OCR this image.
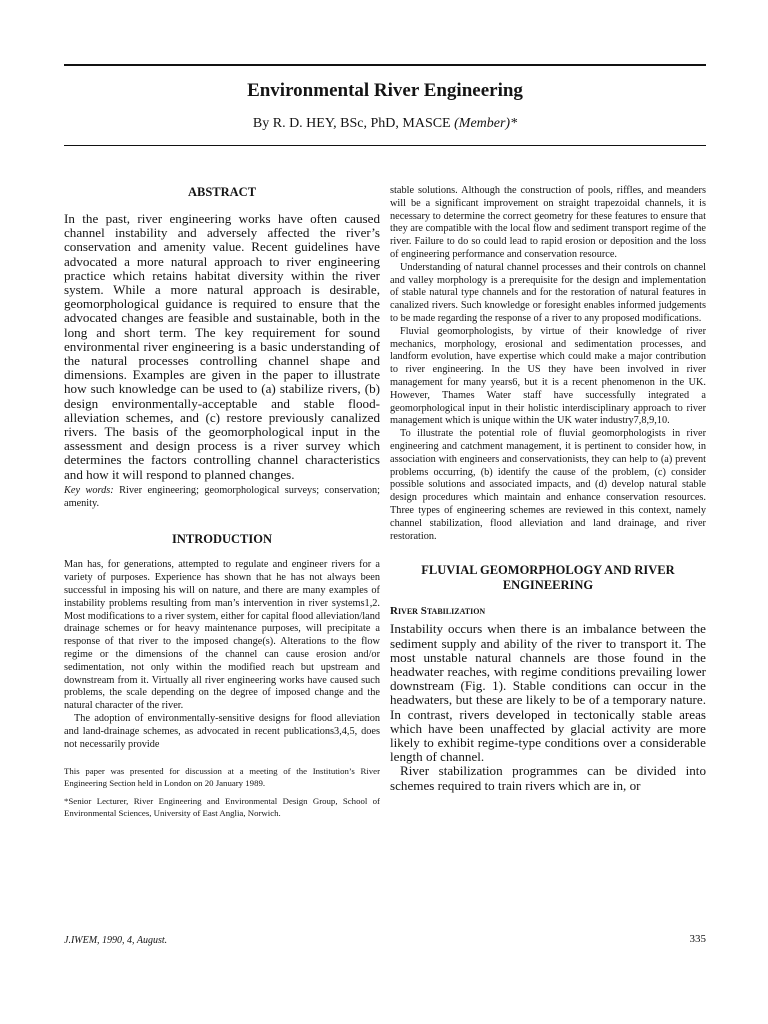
Environmental River Engineering
By R. D. HEY, BSc, PhD, MASCE (Member)*

ABSTRACT

In the past, river engineering works have often caused channel instability and adversely affected the river’s conservation and amenity value. Recent guidelines have advocated a more natural approach to river engineering practice which retains habitat diversity within the river system. While a more natural approach is desirable, geomorphological guidance is required to ensure that the advocated changes are feasible and sustainable, both in the long and short term. The key requirement for sound environmental river engineering is a basic understanding of the natural processes controlling channel shape and dimensions. Examples are given in the paper to illustrate how such knowledge can be used to (a) stabilize rivers, (b) design environmentally-acceptable and stable flood-alleviation schemes, and (c) restore previously canalized rivers. The basis of the geomorphological input in the assessment and design process is a river survey which determines the factors controlling channel characteristics and how it will respond to planned changes.

Key words: River engineering; geomorphological surveys; conservation; amenity.

INTRODUCTION

Man has, for generations, attempted to regulate and engineer rivers for a variety of purposes. Experience has shown that he has not always been successful in imposing his will on nature, and there are many examples of instability problems resulting from man’s intervention in river systems1,2. Most modifications to a river system, either for capital flood alleviation/land drainage schemes or for heavy maintenance purposes, will precipitate a response of that river to the imposed change(s). Alterations to the flow regime or the dimensions of the channel can cause erosion and/or sedimentation, not only within the modified reach but upstream and downstream from it. Virtually all river engineering works have caused such problems, the scale depending on the degree of imposed change and the natural character of the river.

The adoption of environmentally-sensitive designs for flood alleviation and land-drainage schemes, as advocated in recent publications3,4,5, does not necessarily provide

This paper was presented for discussion at a meeting of the Institution’s River Engineering Section held in London on 20 January 1989.

*Senior Lecturer, River Engineering and Environmental Design Group, School of Environmental Sciences, University of East Anglia, Norwich.

stable solutions. Although the construction of pools, riffles, and meanders will be a significant improvement on straight trapezoidal channels, it is necessary to determine the correct geometry for these features to ensure that they are compatible with the local flow and sediment transport regime of the river. Failure to do so could lead to rapid erosion or deposition and the loss of engineering performance and conservation resource.

Understanding of natural channel processes and their controls on channel and valley morphology is a prerequisite for the design and implementation of stable natural type channels and for the restoration of natural features in canalized rivers. Such knowledge or foresight enables informed judgements to be made regarding the response of a river to any proposed modifications.

Fluvial geomorphologists, by virtue of their knowledge of river mechanics, morphology, erosional and sedimentation processes, and landform evolution, have expertise which could make a major contribution to river engineering. In the US they have been involved in river management for many years6, but it is a recent phenomenon in the UK. However, Thames Water staff have successfully integrated a geomorphological input in their holistic interdisciplinary approach to river management which is unique within the UK water industry7,8,9,10.

To illustrate the potential role of fluvial geomorphologists in river engineering and catchment management, it is pertinent to consider how, in association with engineers and conservationists, they can help to (a) prevent problems occurring, (b) identify the cause of the problem, (c) consider possible solutions and associated impacts, and (d) develop natural stable design procedures which maintain and enhance conservation resources. Three types of engineering schemes are reviewed in this context, namely channel stabilization, flood alleviation and land drainage, and river restoration.

FLUVIAL GEOMORPHOLOGY AND RIVER ENGINEERING

River Stabilization

Instability occurs when there is an imbalance between the sediment supply and ability of the river to transport it. The most unstable natural channels are those found in the headwater reaches, with regime conditions prevailing lower downstream (Fig. 1). Stable conditions can occur in the headwaters, but these are likely to be of a temporary nature. In contrast, rivers developed in tectonically stable areas which have been unaffected by glacial activity are more likely to exhibit regime-type conditions over a considerable length of channel.

River stabilization programmes can be divided into schemes required to train rivers which are in, or

J.IWEM, 1990, 4, August.	335
